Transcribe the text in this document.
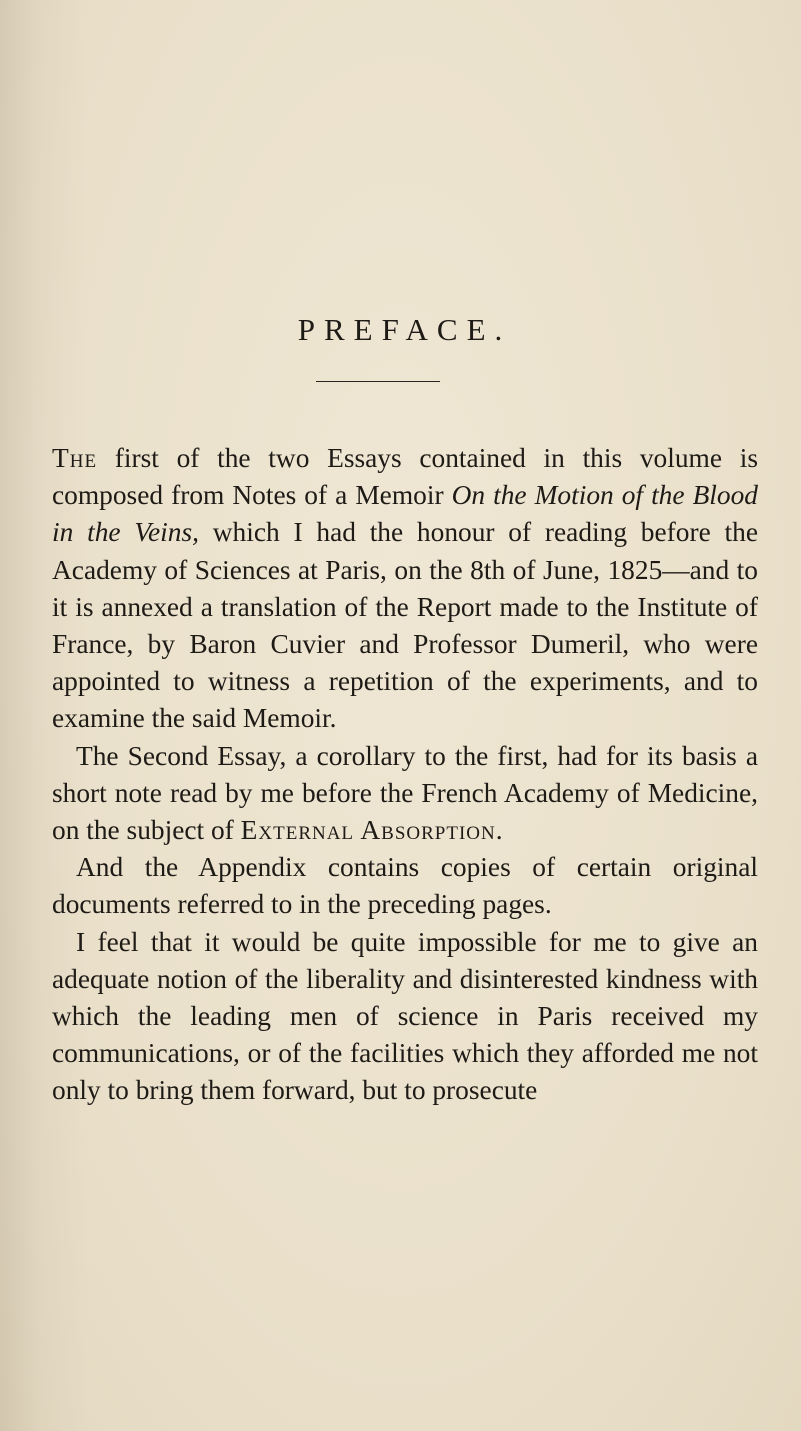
PREFACE.

The first of the two Essays contained in this volume is composed from Notes of a Memoir On the Motion of the Blood in the Veins, which I had the honour of reading before the Academy of Sciences at Paris, on the 8th of June, 1825—and to it is annexed a translation of the Report made to the Institute of France, by Baron Cuvier and Professor Dumeril, who were appointed to witness a repetition of the experiments, and to examine the said Memoir.

The Second Essay, a corollary to the first, had for its basis a short note read by me before the French Academy of Medicine, on the subject of External Absorption.

And the Appendix contains copies of certain original documents referred to in the preceding pages.

I feel that it would be quite impossible for me to give an adequate notion of the liberality and disinterested kindness with which the leading men of science in Paris received my communications, or of the facilities which they afforded me not only to bring them forward, but to prosecute
